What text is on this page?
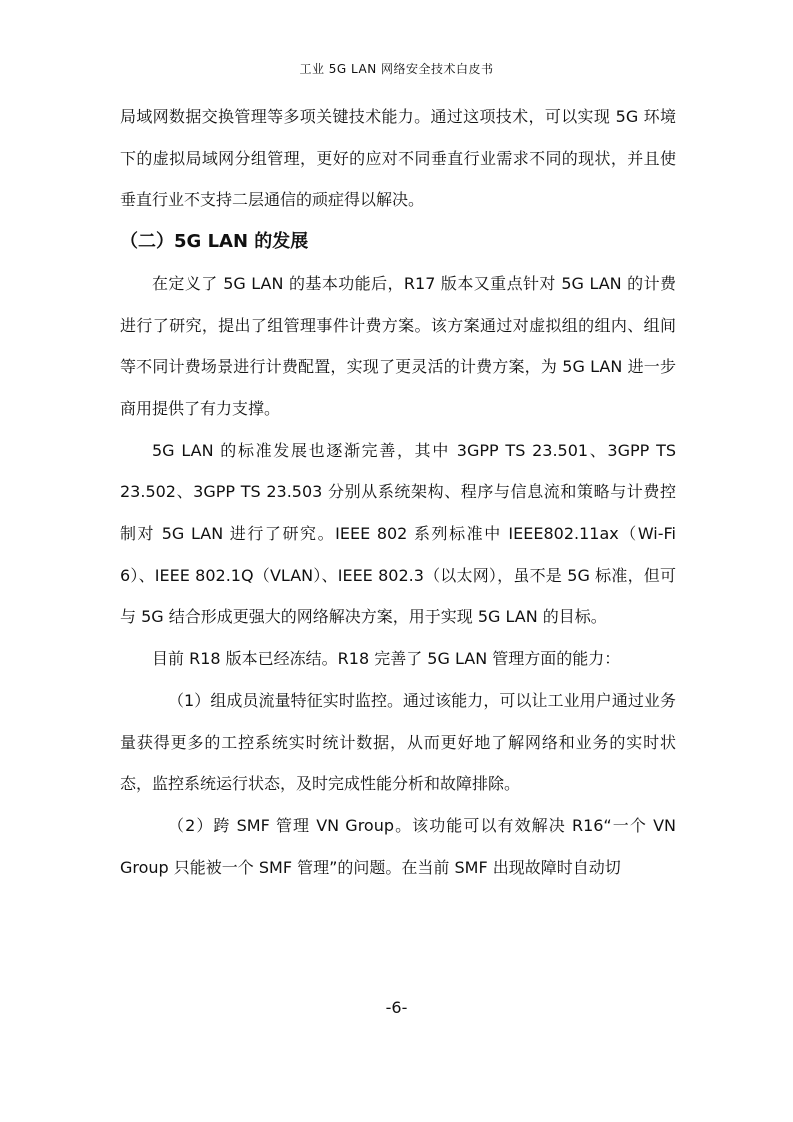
工业 5G LAN 网络安全技术白皮书

局域网数据交换管理等多项关键技术能力。通过这项技术，可以实现 5G 环境下的虚拟局域网分组管理，更好的应对不同垂直行业需求不同的现状，并且使垂直行业不支持二层通信的顽症得以解决。

（二）5G LAN 的发展

在定义了 5G LAN 的基本功能后，R17 版本又重点针对 5G LAN 的计费进行了研究，提出了组管理事件计费方案。该方案通过对虚拟组的组内、组间等不同计费场景进行计费配置，实现了更灵活的计费方案，为 5G LAN 进一步商用提供了有力支撑。

5G LAN 的标准发展也逐渐完善，其中 3GPP TS 23.501、3GPP TS 23.502、3GPP TS 23.503 分别从系统架构、程序与信息流和策略与计费控制对 5G LAN 进行了研究。IEEE 802 系列标准中 IEEE802.11ax（Wi-Fi 6）、IEEE 802.1Q（VLAN）、IEEE 802.3（以太网），虽不是 5G 标准，但可与 5G 结合形成更强大的网络解决方案，用于实现 5G LAN 的目标。

目前 R18 版本已经冻结。R18 完善了 5G LAN 管理方面的能力：

（1）组成员流量特征实时监控。通过该能力，可以让工业用户通过业务量获得更多的工控系统实时统计数据，从而更好地了解网络和业务的实时状态，监控系统运行状态，及时完成性能分析和故障排除。

（2）跨 SMF 管理 VN Group。该功能可以有效解决 R16“一个 VN Group 只能被一个 SMF 管理”的问题。在当前 SMF 出现故障时自动切

-6-
